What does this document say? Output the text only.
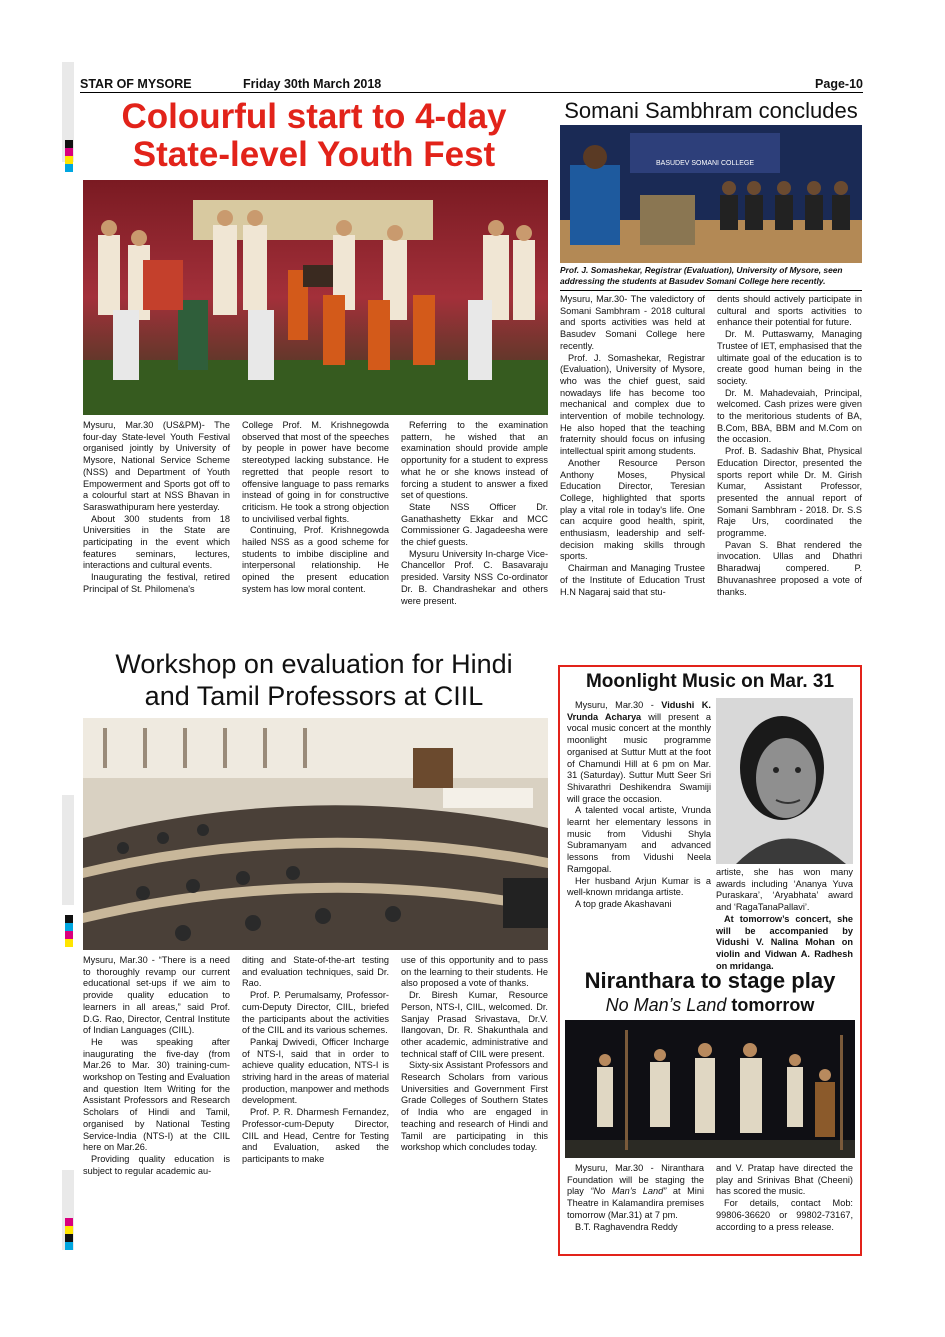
STAR OF MYSORE	Friday 30th March 2018	Page-10
Colourful start to 4-day
State-level Youth Fest

Mysuru, Mar.30 (US&PM)- The four-day State-level Youth Festival organised jointly by University of Mysore, National Service Scheme (NSS) and Department of Youth Empowerment and Sports got off to a colourful start at NSS Bhavan in Saraswathipuram here yesterday.

About 300 students from 18 Universities in the State are participating in the event which features seminars, lectures, interactions and cultural events.

Inaugurating the festival, retired Principal of St. Philomena's

College Prof. M. Krishnegowda observed that most of the speeches by people in power have become stereotyped lacking substance. He regretted that people resort to offensive language to pass remarks instead of going in for constructive criticism. He took a strong objection to uncivilised verbal fights.

Continuing, Prof. Krishnegowda hailed NSS as a good scheme for students to imbibe discipline and interpersonal relationship. He opined the present education system has low moral content.

Referring to the examination pattern, he wished that an examination should provide ample opportunity for a student to express what he or she knows instead of forcing a student to answer a fixed set of questions.

State NSS Officer Dr. Ganathashetty Ekkar and MCC Commissioner G. Jagadeesha were the chief guests.

Mysuru University In-charge Vice-Chancellor Prof. C. Basavaraju presided. Varsity NSS Co-ordinator Dr. B. Chandrashekar and others were present.

Somani Sambhram concludes
BASUDEV SOMANI COLLEGE
Prof. J. Somashekar, Registrar (Evaluation), University of Mysore, seen addressing the students at Basudev Somani College here recently.

Mysuru, Mar.30- The valedictory of Somani Sambhram - 2018 cultural and sports activities was held at Basudev Somani College here recently.

Prof. J. Somashekar, Registrar (Evaluation), University of Mysore, who was the chief guest, said nowadays life has become too mechanical and complex due to intervention of mobile technology. He also hoped that the teaching fraternity should focus on infusing intellectual spirit among students.

Another Resource Person Anthony Moses, Physical Education Director, Teresian College, highlighted that sports play a vital role in today's life. One can acquire good health, spirit, enthusiasm, leadership and self-decision making skills through sports.

Chairman and Managing Trustee of the Institute of Education Trust H.N Nagaraj said that stu-

dents should actively participate in cultural and sports activities to enhance their potential for future.

Dr. M. Puttaswamy, Managing Trustee of IET, emphasised that the ultimate goal of the education is to create good human being in the society.

Dr. M. Mahadevaiah, Principal, welcomed. Cash prizes were given to the meritorious students of BA, B.Com, BBA, BBM and M.Com on the occasion.

Prof. B. Sadashiv Bhat, Physical Education Director, presented the sports report while Dr. M. Girish Kumar, Assistant Professor, presented the annual report of Somani Sambhram - 2018. Dr. S.S Raje Urs, coordinated the programme.

Pavan S. Bhat rendered the invocation. Ullas and Dhathri Bharadwaj compered. P. Bhuvanashree proposed a vote of thanks.

Workshop on evaluation for Hindi
and Tamil Professors at CIIL

Mysuru, Mar.30 - “There is a need to thoroughly revamp our current educational set-ups if we aim to provide quality education to learners in all areas,” said Prof. D.G. Rao, Director, Central Institute of Indian Languages (CIIL).

He was speaking after inaugurating the five-day (from Mar.26 to Mar. 30) training-cum-workshop on Testing and Evaluation and question Item Writing for the Assistant Professors and Research Scholars of Hindi and Tamil, organised by National Testing Service-India (NTS-I) at the CIIL here on Mar.26.

Providing quality education is subject to regular academic au-

diting and State-of-the-art testing and evaluation techniques, said Dr. Rao.

Prof. P. Perumalsamy, Professor-cum-Deputy Director, CIIL, briefed the participants about the activities of the CIIL and its various schemes.

Pankaj Dwivedi, Officer Incharge of NTS-I, said that in order to achieve quality education, NTS-I is striving hard in the areas of material production, manpower and methods development.

Prof. P. R. Dharmesh Fernandez, Professor-cum-Deputy Director, CIIL and Head, Centre for Testing and Evaluation, asked the participants to make

use of this opportunity and to pass on the learning to their students. He also proposed a vote of thanks.

Dr. Biresh Kumar, Resource Person, NTS-I, CIIL, welcomed. Dr. Sanjay Prasad Srivastava, Dr.V. Ilangovan, Dr. R. Shakunthala and other academic, administrative and technical staff of CIIL were present.

Sixty-six Assistant Professors and Research Scholars from various Universities and Government First Grade Colleges of Southern States of India who are engaged in teaching and research of Hindi and Tamil are participating in this workshop which concludes today.

Moonlight Music on Mar. 31

Mysuru, Mar.30 - Vidushi K. Vrunda Acharya will present a vocal music concert at the monthly moonlight music programme organised at Suttur Mutt at the foot of Chamundi Hill at 6 pm on Mar. 31 (Saturday). Suttur Mutt Seer Sri Shivarathri Deshikendra Swamiji will grace the occasion.

A talented vocal artiste, Vrunda learnt her elementary lessons in music from Vidushi Shyla Subramanyam and advanced lessons from Vidushi Neela Ramgopal.

Her husband Arjun Kumar is a well-known mridanga artiste.

A top grade Akashavani

artiste, she has won many awards including ‘Ananya Yuva Puraskara’, ‘Aryabhata’ award and ‘RagaTanaPallavi’.

At tomorrow’s concert, she will be accompanied by Vidushi V. Nalina Mohan on violin and Vidwan A. Radhesh on mridanga.

Niranthara to stage play
No Man’s Land tomorrow

Mysuru, Mar.30 - Niranthara Foundation will be staging the play “No Man’s Land” at Mini Theatre in Kalamandira premises tomorrow (Mar.31) at 7 pm.

B.T. Raghavendra Reddy

and V. Pratap have directed the play and Srinivas Bhat (Cheeni) has scored the music.

For details, contact Mob: 99806-36620 or 99802-73167, according to a press release.
